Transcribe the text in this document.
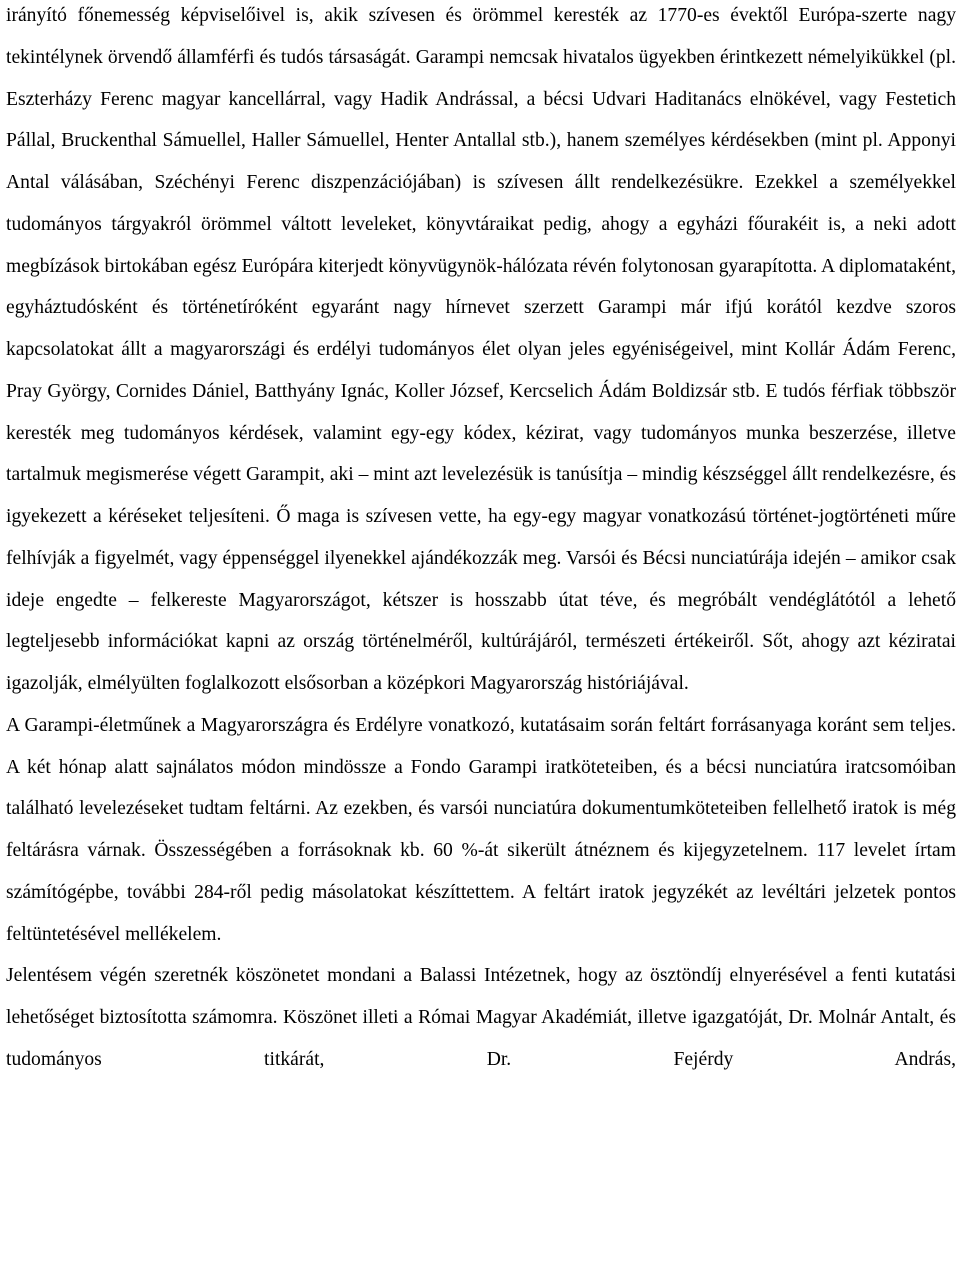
irányító főnemesség képviselőivel is, akik szívesen és örömmel keresték az 1770-es évektől Európa-szerte nagy tekintélynek örvendő államférfi és tudós társaságát. Garampi nemcsak hivatalos ügyekben érintkezett némelyikükkel (pl. Eszterházy Ferenc magyar kancellárral, vagy Hadik Andrással, a bécsi Udvari Haditanács elnökével, vagy Festetich Pállal, Bruckenthal Sámuellel, Haller Sámuellel, Henter Antallal stb.), hanem személyes kérdésekben (mint pl. Apponyi Antal válásában, Széchényi Ferenc diszpenzációjában) is szívesen állt rendelkezésükre. Ezekkel a személyekkel tudományos tárgyakról örömmel váltott leveleket, könyvtáraikat pedig, ahogy a egyházi főurakéit is, a neki adott megbízások birtokában egész Európára kiterjedt könyvügynök-hálózata révén folytonosan gyarapította. A diplomataként, egyháztudósként és történetíróként egyaránt nagy hírnevet szerzett Garampi már ifjú korától kezdve szoros kapcsolatokat állt a magyarországi és erdélyi tudományos élet olyan jeles egyéniségeivel, mint Kollár Ádám Ferenc, Pray György, Cornides Dániel, Batthyány Ignác, Koller József, Kercselich Ádám Boldizsár stb. E tudós férfiak többször keresték meg tudományos kérdések, valamint egy-egy kódex, kézirat, vagy tudományos munka beszerzése, illetve tartalmuk megismerése végett Garampit, aki – mint azt levelezésük is tanúsítja – mindig készséggel állt rendelkezésre, és igyekezett a kéréseket teljesíteni. Ő maga is szívesen vette, ha egy-egy magyar vonatkozású történet-jogtörténeti műre felhívják a figyelmét, vagy éppenséggel ilyenekkel ajándékozzák meg. Varsói és Bécsi nunciatúrája idején – amikor csak ideje engedte – felkereste Magyarországot, kétszer is hosszabb útat téve, és megróbált vendéglátótól a lehető legteljesebb információkat kapni az ország történelméről, kultúrájáról, természeti értékeiről. Sőt, ahogy azt kéziratai igazolják, elmélyülten foglalkozott elsősorban a középkori Magyarország históriájával.

A Garampi-életműnek a Magyarországra és Erdélyre vonatkozó, kutatásaim során feltárt forrásanyaga koránt sem teljes. A két hónap alatt sajnálatos módon mindössze a Fondo Garampi iratköteteiben, és a bécsi nunciatúra iratcsomóiban található levelezéseket tudtam feltárni. Az ezekben, és varsói nunciatúra dokumentumköteteiben fellelhető iratok is még feltárásra várnak. Összességében a forrásoknak kb. 60 %-át sikerült átnéznem és kijegyzetelnem. 117 levelet írtam számítógépbe, további 284-ről pedig másolatokat készíttettem. A feltárt iratok jegyzékét az levéltári jelzetek pontos feltüntetésével mellékelem.

Jelentésem végén szeretnék köszönetet mondani a Balassi Intézetnek, hogy az ösztöndíj elnyerésével a fenti kutatási lehetőséget biztosította számomra. Köszönet illeti a Római Magyar Akadémiát, illetve igazgatóját, Dr. Molnár Antalt, és tudományos titkárát, Dr. Fejérdy András,
